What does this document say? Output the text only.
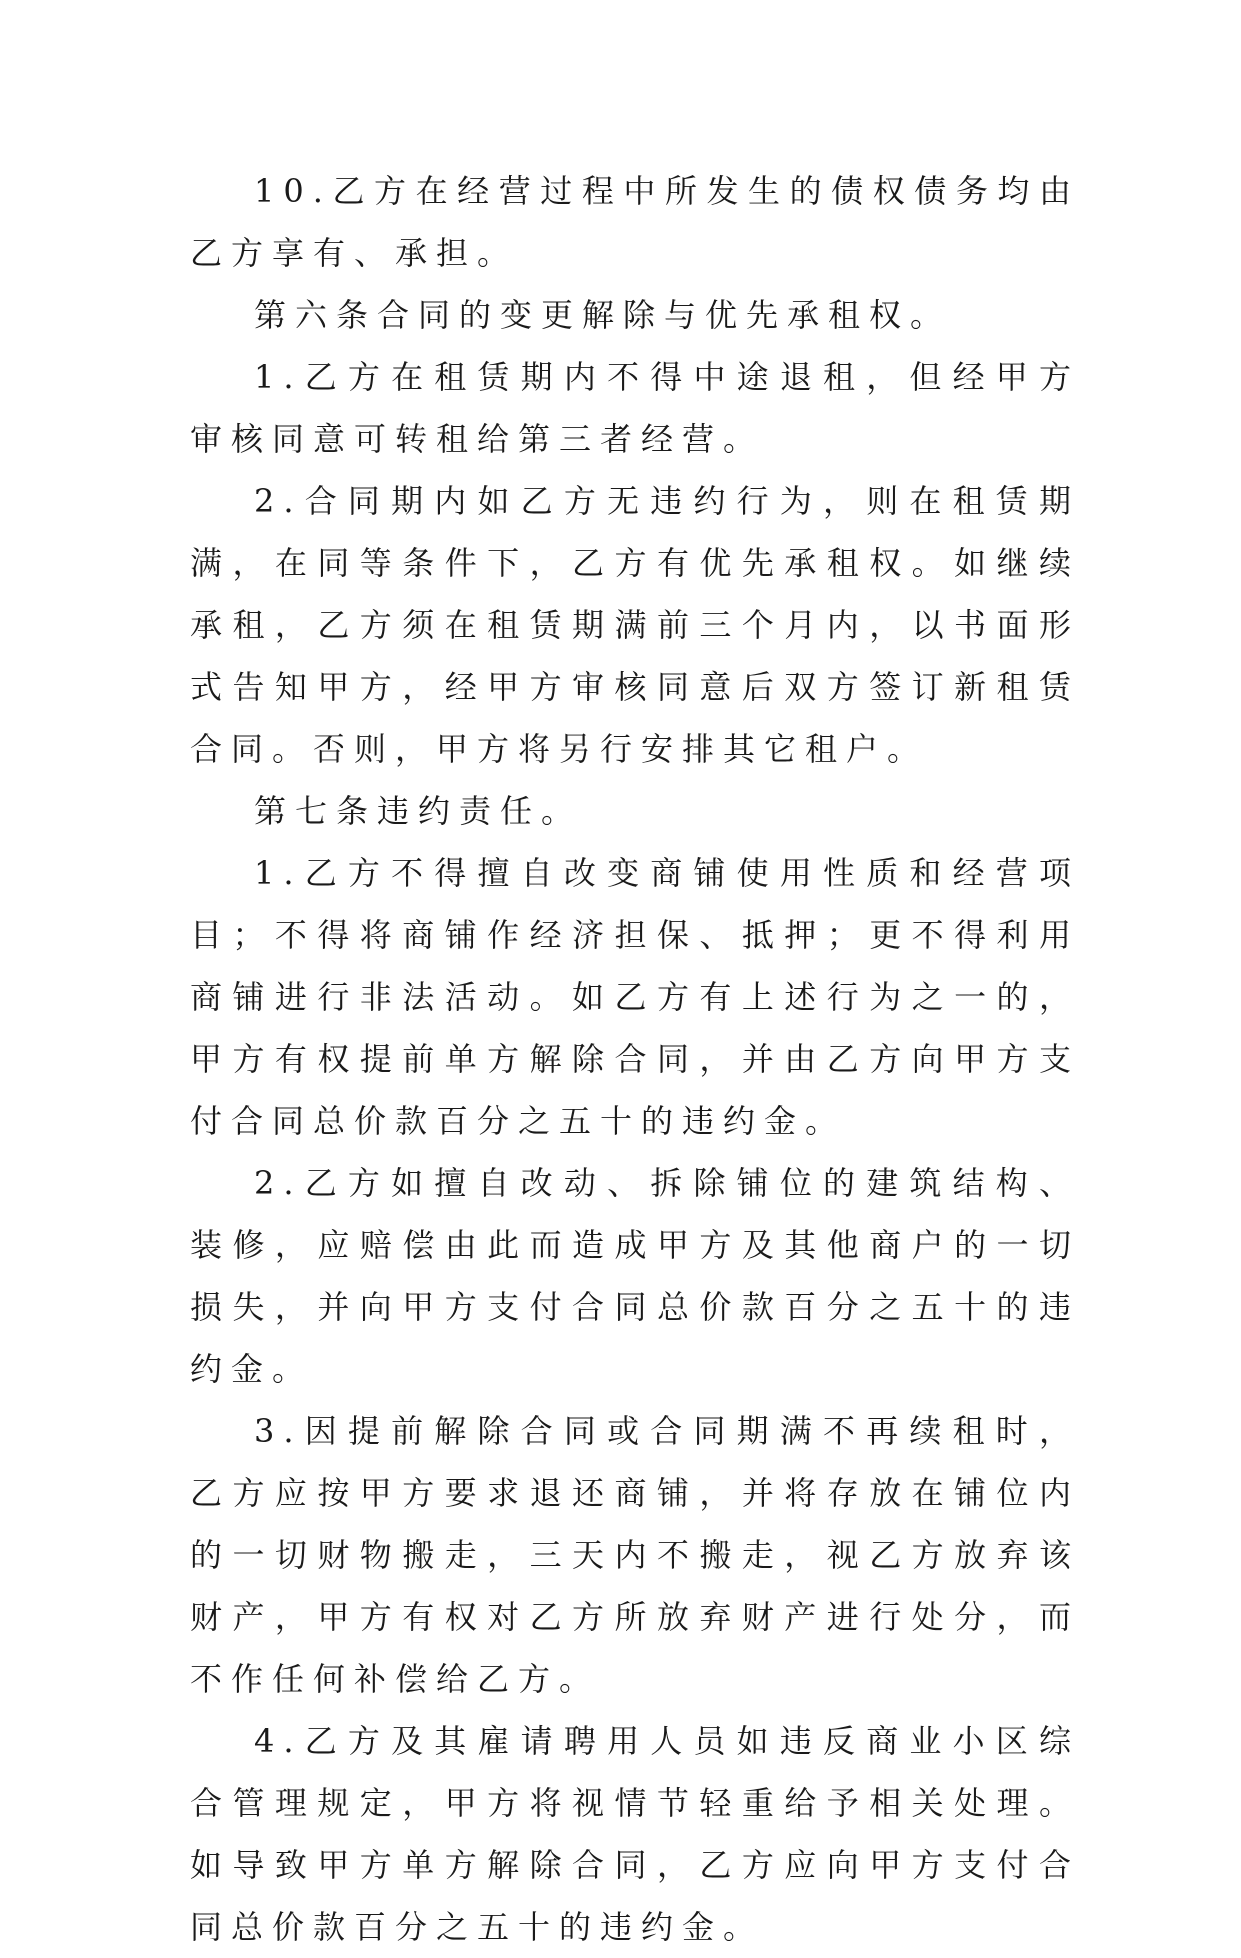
10.乙方在经营过程中所发生的债权债务均由乙方享有、承担。

第六条合同的变更解除与优先承租权。

1.乙方在租赁期内不得中途退租，但经甲方审核同意可转租给第三者经营。

2.合同期内如乙方无违约行为，则在租赁期满，在同等条件下，乙方有优先承租权。如继续承租，乙方须在租赁期满前三个月内，以书面形式告知甲方，经甲方审核同意后双方签订新租赁合同。否则，甲方将另行安排其它租户。

第七条违约责任。

1.乙方不得擅自改变商铺使用性质和经营项目；不得将商铺作经济担保、抵押；更不得利用商铺进行非法活动。如乙方有上述行为之一的，甲方有权提前单方解除合同，并由乙方向甲方支付合同总价款百分之五十的违约金。

2.乙方如擅自改动、拆除铺位的建筑结构、装修，应赔偿由此而造成甲方及其他商户的一切损失，并向甲方支付合同总价款百分之五十的违约金。

3.因提前解除合同或合同期满不再续租时，乙方应按甲方要求退还商铺，并将存放在铺位内的一切财物搬走，三天内不搬走，视乙方放弃该财产，甲方有权对乙方所放弃财产进行处分，而不作任何补偿给乙方。

4.乙方及其雇请聘用人员如违反商业小区综合管理规定，甲方将视情节轻重给予相关处理。如导致甲方单方解除合同，乙方应向甲方支付合同总价款百分之五十的违约金。
